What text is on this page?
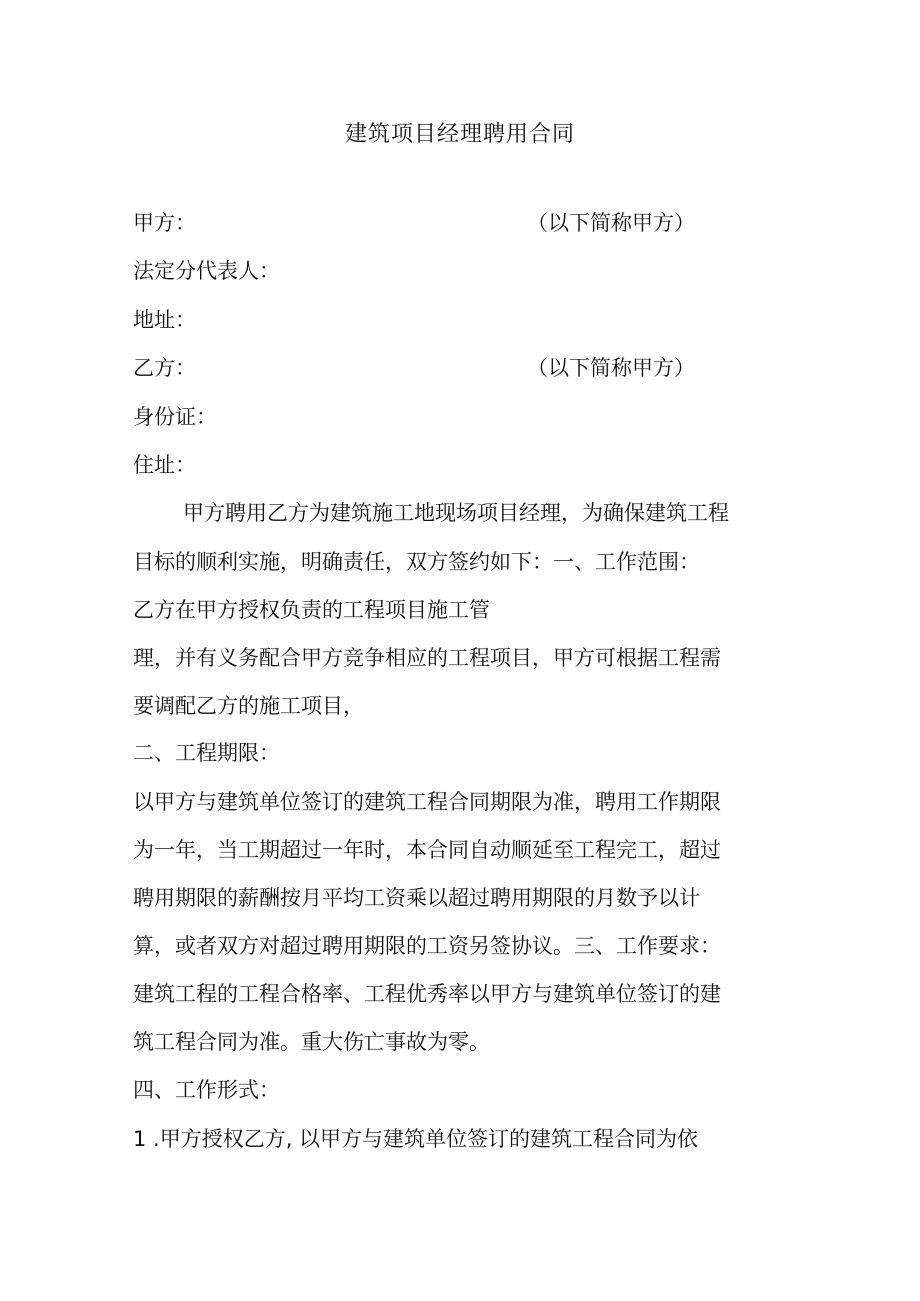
建筑项目经理聘用合同
甲方：	（以下简称甲方）
法定分代表人：
地址：
乙方：	（以下简称甲方）
身份证：
住址：

甲方聘用乙方为建筑施工地现场项目经理，为确保建筑工程

目标的顺利实施，明确责任，双方签约如下：一、工作范围：

乙方在甲方授权负责的工程项目施工管

理，并有义务配合甲方竞争相应的工程项目，甲方可根据工程需

要调配乙方的施工项目，

二、工程期限：

以甲方与建筑单位签订的建筑工程合同期限为准，聘用工作期限

为一年，当工期超过一年时，本合同自动顺延至工程完工，超过

聘用期限的薪酬按月平均工资乘以超过聘用期限的月数予以计

算，或者双方对超过聘用期限的工资另签协议。三、工作要求：

建筑工程的工程合格率、工程优秀率以甲方与建筑单位签订的建

筑工程合同为准。重大伤亡事故为零。

四、工作形式：

1 .甲方授权乙方, 以甲方与建筑单位签订的建筑工程合同为依
